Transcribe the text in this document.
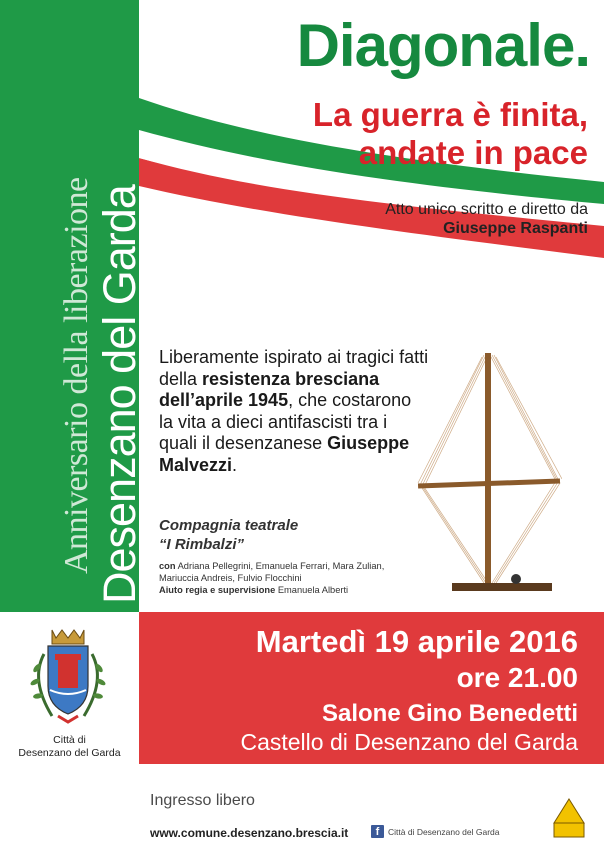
Anniversario della liberazione Desenzano del Garda
Diagonale.
La guerra è finita,
andate in pace
Atto unico scritto e diretto da
Giuseppe Raspanti
Liberamente ispirato ai tragici fatti della resistenza bresciana dell’aprile 1945, che costarono la vita a dieci antifascisti tra i quali il desenzanese Giuseppe Malvezzi.
Compagnia teatrale
“I Rimbalzi”
con Adriana Pellegrini, Emanuela Ferrari, Mara Zulian, Mariuccia Andreis, Fulvio Flocchini
Aiuto regia e supervisione Emanuela Alberti
Città di
Desenzano del Garda
Martedì 19 aprile 2016
ore 21.00
Salone Gino Benedetti
Castello di Desenzano del Garda
Ingresso libero
www.comune.desenzano.brescia.it	f	Città di Desenzano del Garda
